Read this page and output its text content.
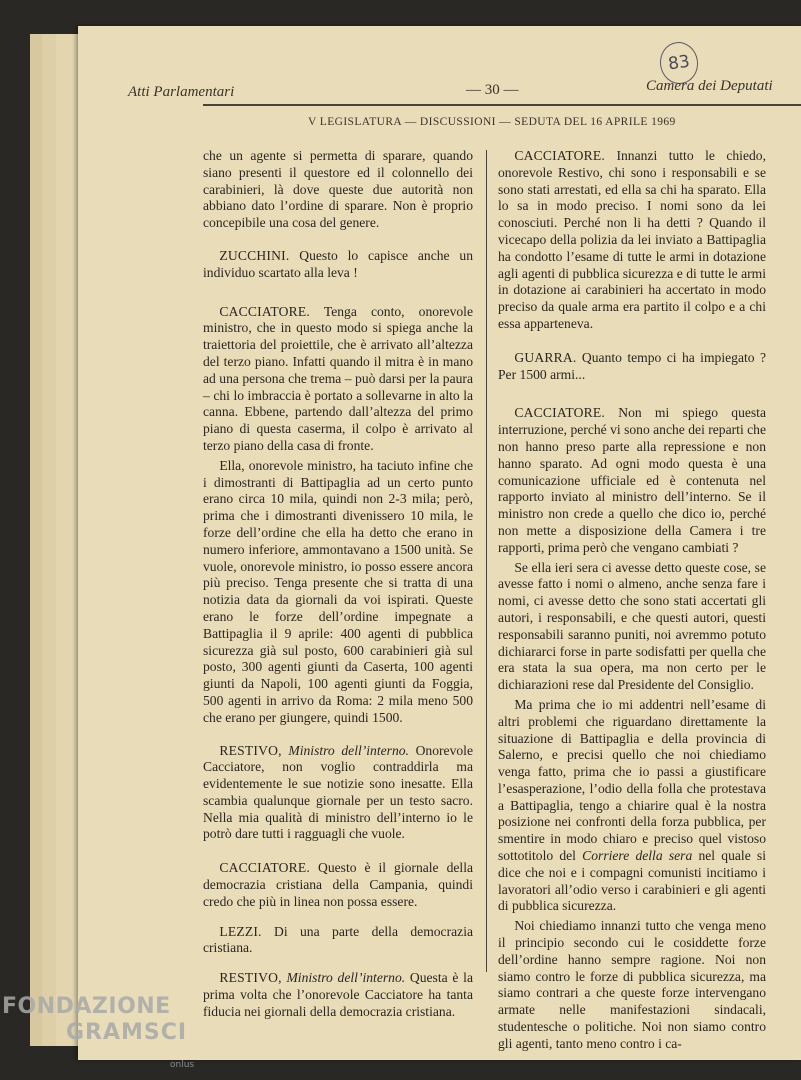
83
Atti Parlamentari	— 30 —	Camera dei Deputati
V LEGISLATURA — DISCUSSIONI — SEDUTA DEL 16 APRILE 1969

che un agente si permetta di sparare, quando siano presenti il questore ed il colonnello dei carabinieri, là dove queste due autorità non abbiano dato l’ordine di sparare. Non è proprio concepibile una cosa del genere.

ZUCCHINI. Questo lo capisce anche un individuo scartato alla leva !

CACCIATORE. Tenga conto, onorevole ministro, che in questo modo si spiega anche la traiettoria del proiettile, che è arrivato all’altezza del terzo piano. Infatti quando il mitra è in mano ad una persona che trema – può darsi per la paura – chi lo imbraccia è portato a sollevarne in alto la canna. Ebbene, partendo dall’altezza del primo piano di questa caserma, il colpo è arrivato al terzo piano della casa di fronte.

Ella, onorevole ministro, ha taciuto infine che i dimostranti di Battipaglia ad un certo punto erano circa 10 mila, quindi non 2-3 mila; però, prima che i dimostranti divenissero 10 mila, le forze dell’ordine che ella ha detto che erano in numero inferiore, ammontavano a 1500 unità. Se vuole, onorevole ministro, io posso essere ancora più preciso. Tenga presente che si tratta di una notizia data da giornali da voi ispirati. Queste erano le forze dell’ordine impegnate a Battipaglia il 9 aprile: 400 agenti di pubblica sicurezza già sul posto, 600 carabinieri già sul posto, 300 agenti giunti da Caserta, 100 agenti giunti da Napoli, 100 agenti giunti da Foggia, 500 agenti in arrivo da Roma: 2 mila meno 500 che erano per giungere, quindi 1500.

RESTIVO, Ministro dell’interno. Onorevole Cacciatore, non voglio contraddirla ma evidentemente le sue notizie sono inesatte. Ella scambia qualunque giornale per un testo sacro. Nella mia qualità di ministro dell’interno io le potrò dare tutti i ragguagli che vuole.

CACCIATORE. Questo è il giornale della democrazia cristiana della Campania, quindi credo che più in linea non possa essere.

LEZZI. Di una parte della democrazia cristiana.

RESTIVO, Ministro dell’interno. Questa è la prima volta che l’onorevole Cacciatore ha tanta fiducia nei giornali della democrazia cristiana.

CACCIATORE. Innanzi tutto le chiedo, onorevole Restivo, chi sono i responsabili e se sono stati arrestati, ed ella sa chi ha sparato. Ella lo sa in modo preciso. I nomi sono da lei conosciuti. Perché non li ha detti ? Quando il vicecapo della polizia da lei inviato a Battipaglia ha condotto l’esame di tutte le armi in dotazione agli agenti di pubblica sicurezza e di tutte le armi in dotazione ai carabinieri ha accertato in modo preciso da quale arma era partito il colpo e a chi essa apparteneva.

GUARRA. Quanto tempo ci ha impiegato ? Per 1500 armi...

CACCIATORE. Non mi spiego questa interruzione, perché vi sono anche dei reparti che non hanno preso parte alla repressione e non hanno sparato. Ad ogni modo questa è una comunicazione ufficiale ed è contenuta nel rapporto inviato al ministro dell’interno. Se il ministro non crede a quello che dico io, perché non mette a disposizione della Camera i tre rapporti, prima però che vengano cambiati ?

Se ella ieri sera ci avesse detto queste cose, se avesse fatto i nomi o almeno, anche senza fare i nomi, ci avesse detto che sono stati accertati gli autori, i responsabili, e che questi autori, questi responsabili saranno puniti, noi avremmo potuto dichiararci forse in parte sodisfatti per quella che era stata la sua opera, ma non certo per le dichiarazioni rese dal Presidente del Consiglio.

Ma prima che io mi addentri nell’esame di altri problemi che riguardano direttamente la situazione di Battipaglia e della provincia di Salerno, e precisi quello che noi chiediamo venga fatto, prima che io passi a giustificare l’esasperazione, l’odio della folla che protestava a Battipaglia, tengo a chiarire qual è la nostra posizione nei confronti della forza pubblica, per smentire in modo chiaro e preciso quel vistoso sottotitolo del Corriere della sera nel quale si dice che noi e i compagni comunisti incitiamo i lavoratori all’odio verso i carabinieri e gli agenti di pubblica sicurezza.

Noi chiediamo innanzi tutto che venga meno il principio secondo cui le cosiddette forze dell’ordine hanno sempre ragione. Noi non siamo contro le forze di pubblica sicurezza, ma siamo contrari a che queste forze intervengano armate nelle manifestazioni sindacali, studentesche o politiche. Noi non siamo contro gli agenti, tanto meno contro i ca-

FONDAZIONE
GRAMSCI
onlus
